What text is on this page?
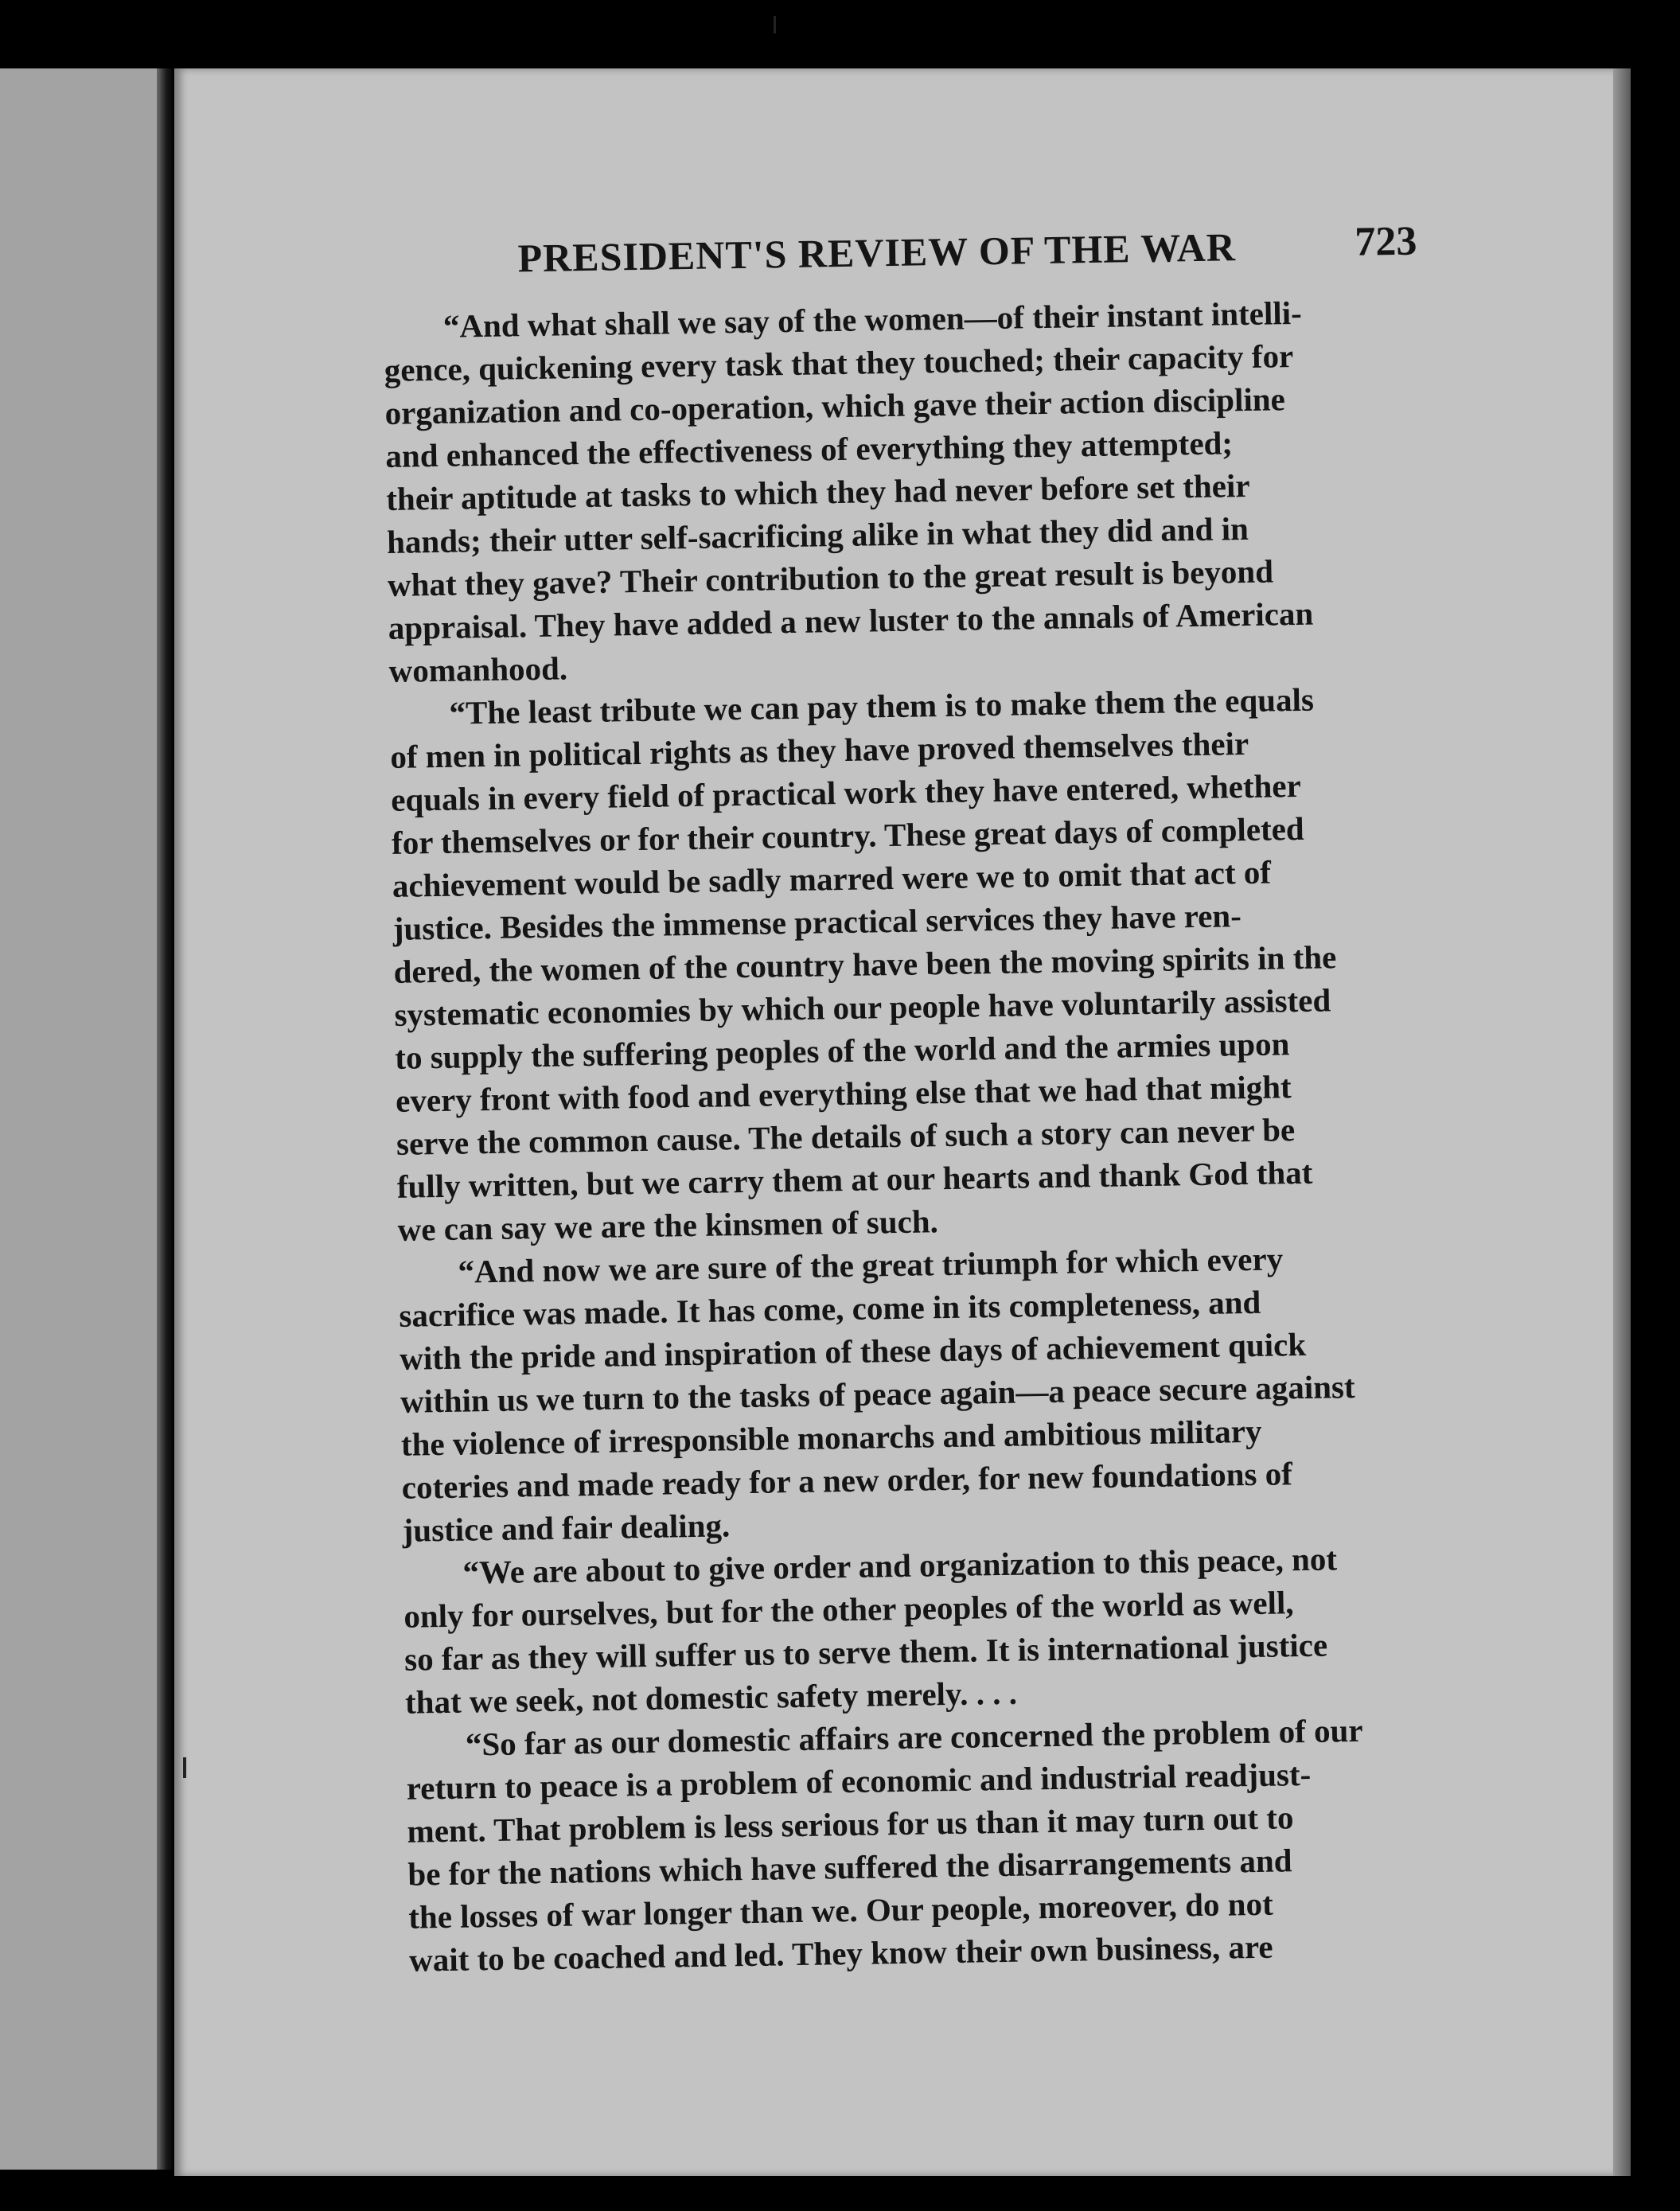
PRESIDENT'S REVIEW OF THE WAR	723

“And what shall we say of the women—of their instant intelli-
gence, quickening every task that they touched; their capacity for
organization and co-operation, which gave their action discipline
and enhanced the effectiveness of everything they attempted;
their aptitude at tasks to which they had never before set their
hands; their utter self-sacrificing alike in what they did and in
what they gave? Their contribution to the great result is beyond
appraisal. They have added a new luster to the annals of American
womanhood.

“The least tribute we can pay them is to make them the equals
of men in political rights as they have proved themselves their
equals in every field of practical work they have entered, whether
for themselves or for their country. These great days of completed
achievement would be sadly marred were we to omit that act of
justice. Besides the immense practical services they have ren-
dered, the women of the country have been the moving spirits in the
systematic economies by which our people have voluntarily assisted
to supply the suffering peoples of the world and the armies upon
every front with food and everything else that we had that might
serve the common cause. The details of such a story can never be
fully written, but we carry them at our hearts and thank God that
we can say we are the kinsmen of such.

“And now we are sure of the great triumph for which every
sacrifice was made. It has come, come in its completeness, and
with the pride and inspiration of these days of achievement quick
within us we turn to the tasks of peace again—a peace secure against
the violence of irresponsible monarchs and ambitious military
coteries and made ready for a new order, for new foundations of
justice and fair dealing.

“We are about to give order and organization to this peace, not
only for ourselves, but for the other peoples of the world as well,
so far as they will suffer us to serve them. It is international justice
that we seek, not domestic safety merely. . . .

“So far as our domestic affairs are concerned the problem of our
return to peace is a problem of economic and industrial readjust-
ment. That problem is less serious for us than it may turn out to
be for the nations which have suffered the disarrangements and
the losses of war longer than we. Our people, moreover, do not
wait to be coached and led. They know their own business, are
